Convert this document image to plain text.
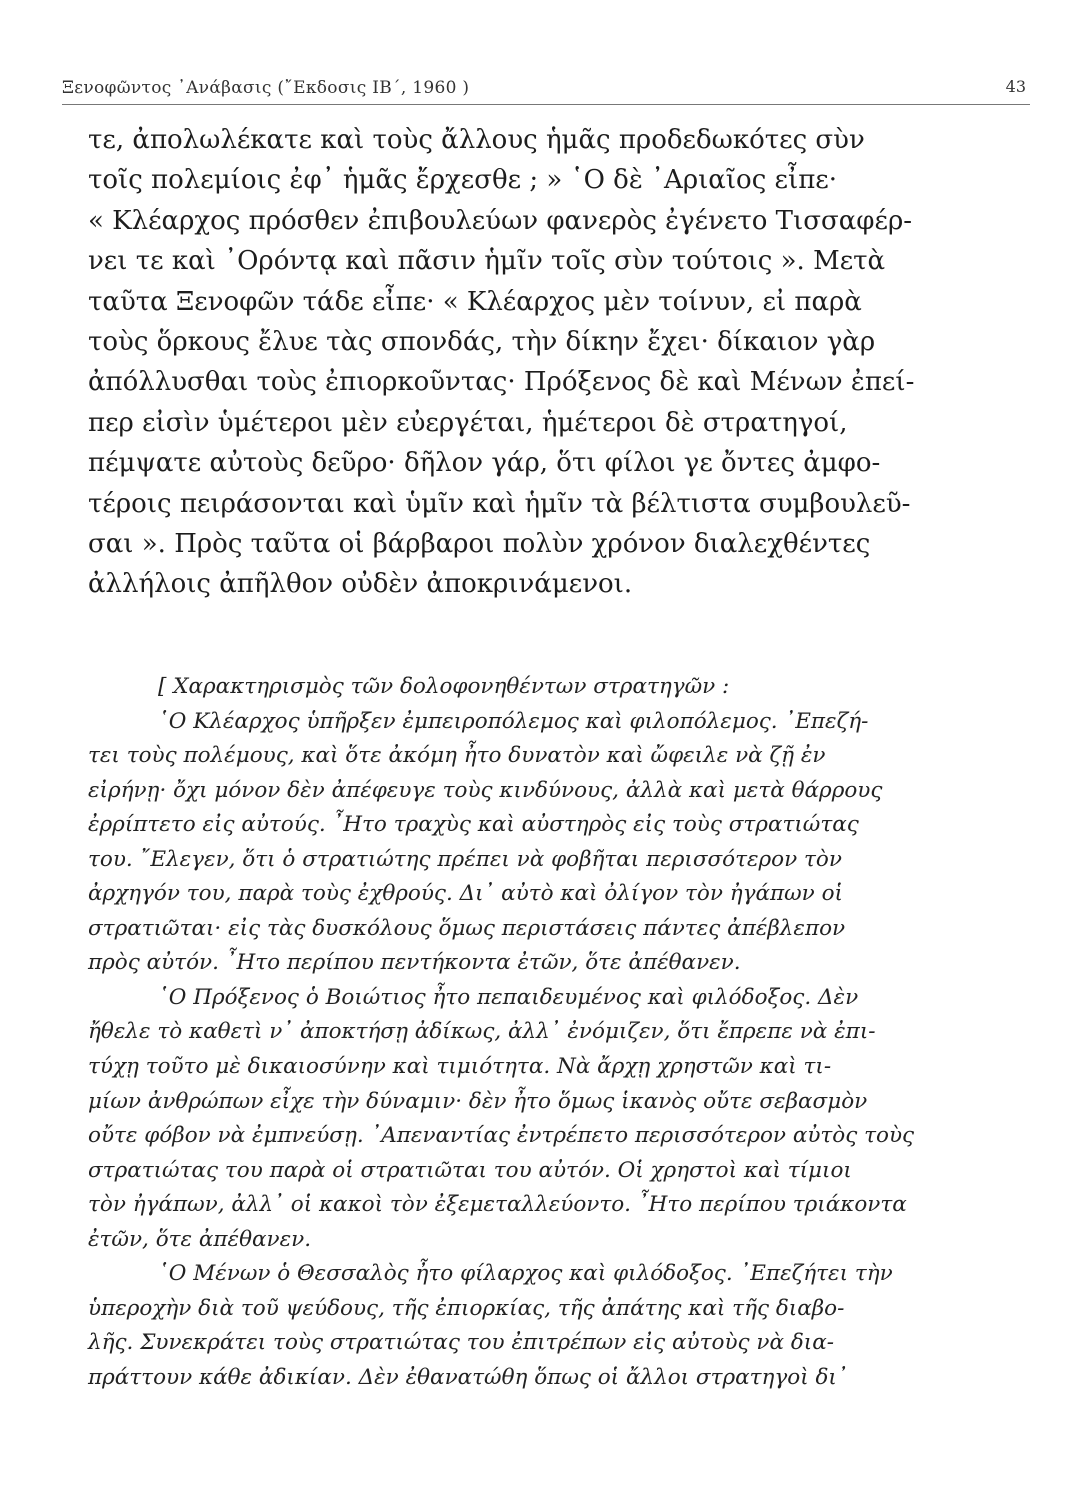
Ξενοφῶντος ᾿Ανάβασις (῎Εκδοσις ΙΒ΄, 1960 )	43
τε, ἀπολωλέκατε καὶ τοὺς ἄλλους ἡμᾶς προδεδωκότες σὺν
τοῖς πολεμίοις ἐφ᾿ ἡμᾶς ἔρχεσθε ; » ῾Ο δὲ ᾿Αριαῖος εἶπε·
« Κλέαρχος πρόσθεν ἐπιβουλεύων φανερὸς ἐγένετο Τισσαφέρ-
νει τε καὶ ᾿Ορόντᾳ καὶ πᾶσιν ἡμῖν τοῖς σὺν τούτοις ». Μετὰ
ταῦτα Ξενοφῶν τάδε εἶπε· « Κλέαρχος μὲν τοίνυν, εἰ παρὰ
τοὺς ὅρκους ἔλυε τὰς σπονδάς, τὴν δίκην ἔχει· δίκαιον γὰρ
ἀπόλλυσθαι τοὺς ἐπιορκοῦντας· Πρόξενος δὲ καὶ Μένων ἐπεί-
περ εἰσὶν ὑμέτεροι μὲν εὐεργέται, ἡμέτεροι δὲ στρατηγοί,
πέμψατε αὐτοὺς δεῦρο· δῆλον γάρ, ὅτι φίλοι γε ὄντες ἀμφο-
τέροις πειράσονται καὶ ὑμῖν καὶ ἡμῖν τὰ βέλτιστα συμβουλεῦ-
σαι ». Πρὸς ταῦτα οἱ βάρβαροι πολὺν χρόνον διαλεχθέντες
ἀλλήλοις ἀπῆλθον οὐδὲν ἀποκρινάμενοι.
[ Χαρακτηρισμὸς τῶν δολοφονηθέντων στρατηγῶν :
῾Ο Κλέαρχος ὑπῆρξεν ἐμπειροπόλεμος καὶ φιλοπόλεμος. ᾿Επεζή-
τει τοὺς πολέμους, καὶ ὅτε ἀκόμη ἦτο δυνατὸν καὶ ὤφειλε νὰ ζῇ ἐν
εἰρήνῃ· ὄχι μόνον δὲν ἀπέφευγε τοὺς κινδύνους, ἀλλὰ καὶ μετὰ θάρρους
ἐρρίπτετο εἰς αὐτούς. ῏Ητο τραχὺς καὶ αὐστηρὸς εἰς τοὺς στρατιώτας
του. ῎Ελεγεν, ὅτι ὁ στρατιώτης πρέπει νὰ φοβῆται περισσότερον τὸν
ἀρχηγόν του, παρὰ τοὺς ἐχθρούς. Δι᾿ αὐτὸ καὶ ὀλίγον τὸν ἠγάπων οἱ
στρατιῶται· εἰς τὰς δυσκόλους ὅμως περιστάσεις πάντες ἀπέβλεπον
πρὸς αὐτόν. ῏Ητο περίπου πεντήκοντα ἐτῶν, ὅτε ἀπέθανεν.
῾Ο Πρόξενος ὁ Βοιώτιος ἦτο πεπαιδευμένος καὶ φιλόδοξος. Δὲν
ἤθελε τὸ καθετὶ ν᾿ ἀποκτήσῃ ἀδίκως, ἀλλ᾿ ἐνόμιζεν, ὅτι ἔπρεπε νὰ ἐπι-
τύχῃ τοῦτο μὲ δικαιοσύνην καὶ τιμιότητα. Νὰ ἄρχῃ χρηστῶν καὶ τι-
μίων ἀνθρώπων εἶχε τὴν δύναμιν· δὲν ἦτο ὅμως ἱκανὸς οὔτε σεβασμὸν
οὔτε φόβον νὰ ἐμπνεύσῃ. ᾿Απεναντίας ἐντρέπετο περισσότερον αὐτὸς τοὺς
στρατιώτας του παρὰ οἱ στρατιῶται του αὐτόν. Οἱ χρηστοὶ καὶ τίμιοι
τὸν ἠγάπων, ἀλλ᾿ οἱ κακοὶ τὸν ἐξεμεταλλεύοντο. ῏Ητο περίπου τριάκοντα
ἐτῶν, ὅτε ἀπέθανεν.
῾Ο Μένων ὁ Θεσσαλὸς ἦτο φίλαρχος καὶ φιλόδοξος. ᾿Επεζήτει τὴν
ὑπεροχὴν διὰ τοῦ ψεύδους, τῆς ἐπιορκίας, τῆς ἀπάτης καὶ τῆς διαβο-
λῆς. Συνεκράτει τοὺς στρατιώτας του ἐπιτρέπων εἰς αὐτοὺς νὰ δια-
πράττουν κάθε ἀδικίαν. Δὲν ἐθανατώθη ὅπως οἱ ἄλλοι στρατηγοὶ δι᾿
